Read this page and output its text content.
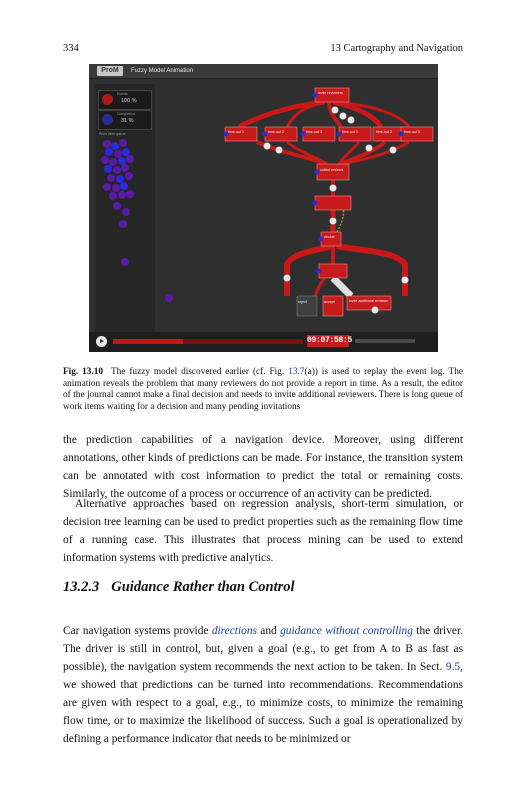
334	13 Cartography and Navigation
ProM	Fuzzy Model Animation
Events
100 %
Completion
31 %
Work item queue
invite reviewers
time-out 1	time-out 2	time-out 3	time-out 1	time-out 2	time-out 3
collect reviews
decide
invite additional reviewer
accept
reject
09:07:58:5
Fig. 13.10 The fuzzy model discovered earlier (cf. Fig. 13.7(a)) is used to replay the event log. The animation reveals the problem that many reviewers do not provide a report in time. As a result, the editor of the journal cannot make a final decision and needs to invite additional reviewers. There is long queue of work items waiting for a decision and many pending invitations
the prediction capabilities of a navigation device. Moreover, using different annotations, other kinds of predictions can be made. For instance, the transition system can be annotated with cost information to predict the total or remaining costs. Similarly, the outcome of a process or occurrence of an activity can be predicted.
Alternative approaches based on regression analysis, short-term simulation, or decision tree learning can be used to predict properties such as the remaining flow time of a running case. This illustrates that process mining can be used to extend information systems with predictive analytics.
13.2.3 Guidance Rather than Control
Car navigation systems provide directions and guidance without controlling the driver. The driver is still in control, but, given a goal (e.g., to get from A to B as fast as possible), the navigation system recommends the next action to be taken. In Sect. 9.5, we showed that predictions can be turned into recommendations. Recommendations are given with respect to a goal, e.g., to minimize costs, to minimize the remaining flow time, or to maximize the likelihood of success. Such a goal is operationalized by defining a performance indicator that needs to be minimized or
